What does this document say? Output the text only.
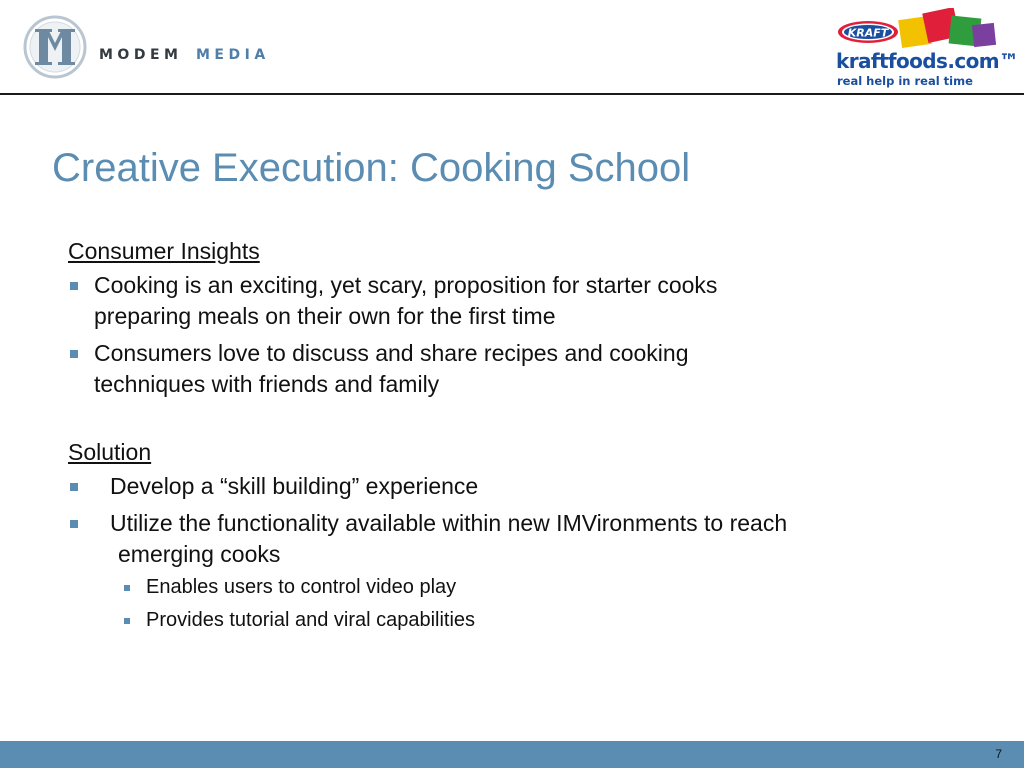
MODEM MEDIA
KRAFT
kraftfoods.com™
real help in real time
Creative Execution: Cooking School
Consumer Insights
Cooking is an exciting, yet scary, proposition for starter cooks
preparing meals on their own for the first time
Consumers love to discuss and share recipes and cooking
techniques with friends and family
Solution
Develop a “skill building” experience
Utilize the functionality available within new IMVironments to reach
emerging cooks
Enables users to control video play
Provides tutorial and viral capabilities
7
